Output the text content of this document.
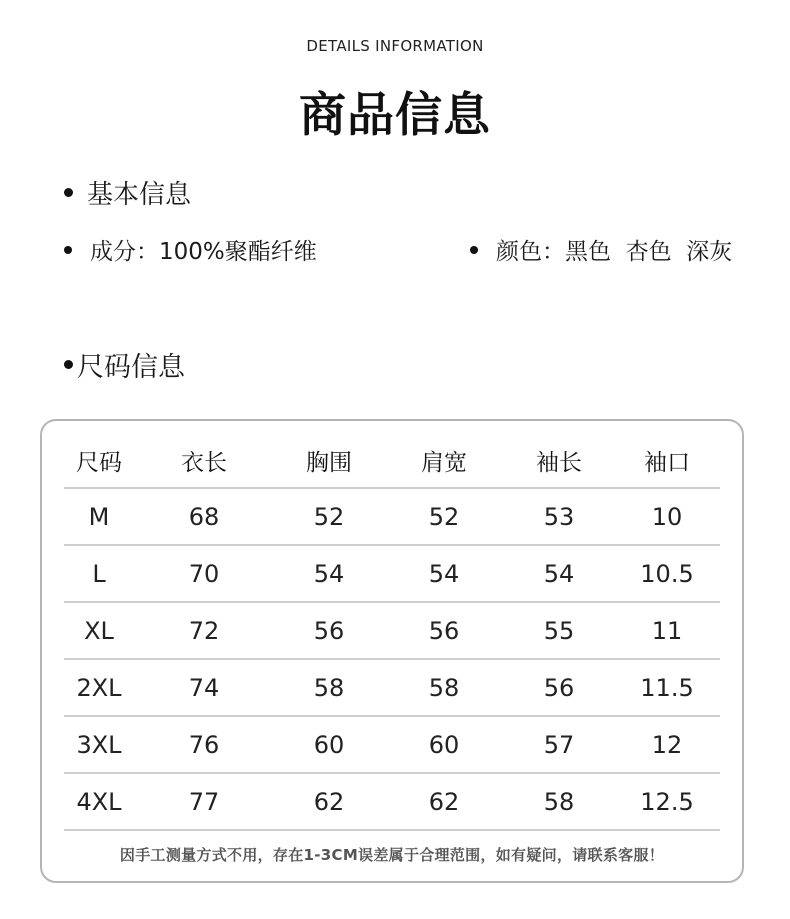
DETAILS INFORMATION
商品信息
基本信息
成分：100%聚酯纤维	颜色：黑色  杏色  深灰
尺码信息
尺码	衣长	胸围	肩宽	袖长	袖口
M	68	52	52	53	10
L	70	54	54	54	10.5
XL	72	56	56	55	11
2XL	74	58	58	56	11.5
3XL	76	60	60	57	12
4XL	77	62	62	58	12.5
因手工测量方式不用，存在1-3CM误差属于合理范围，如有疑问，请联系客服！
